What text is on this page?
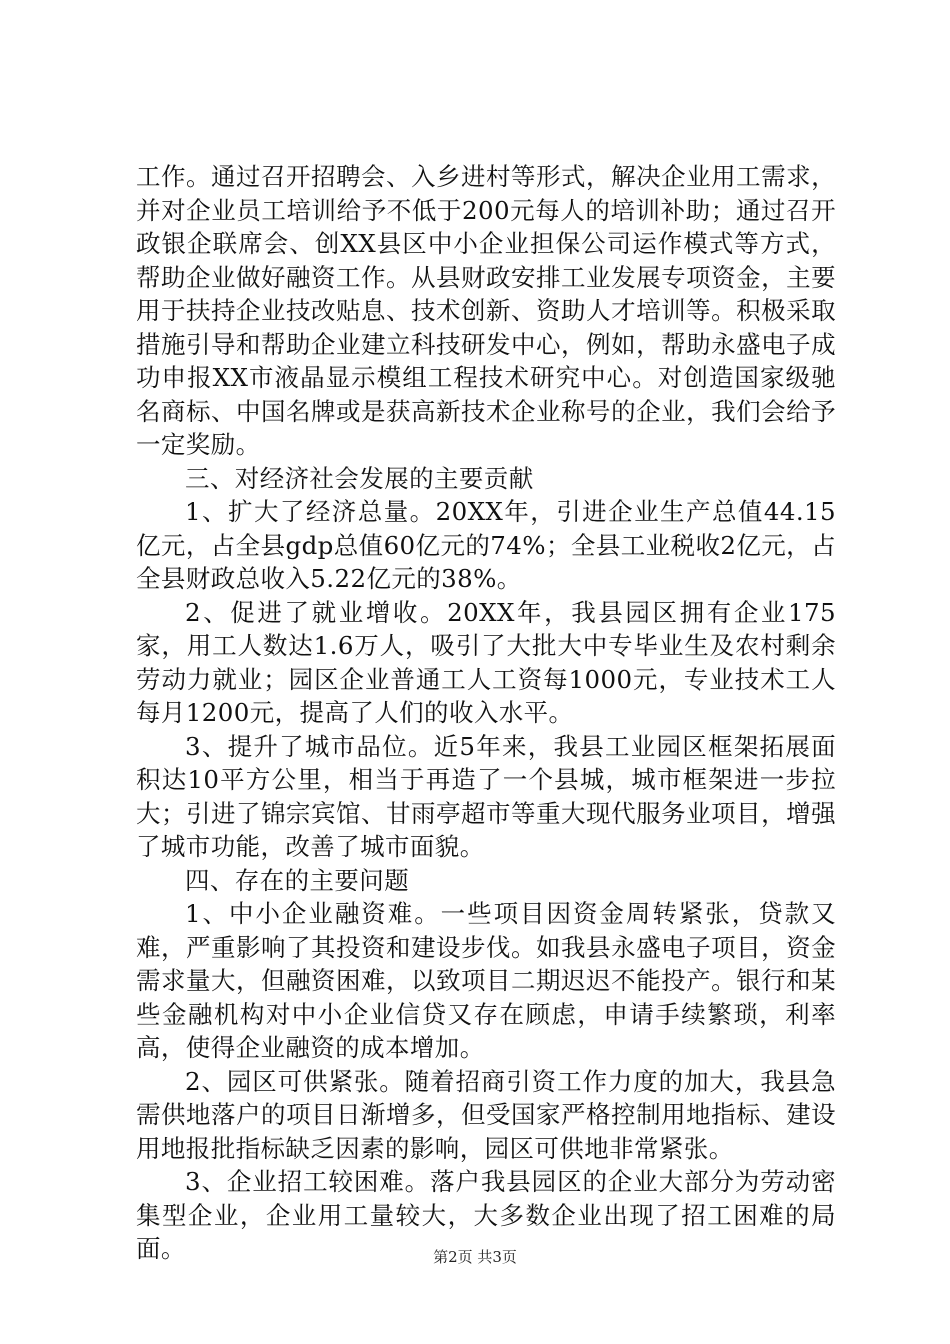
工作。通过召开招聘会、入乡进村等形式，解决企业用工需求，并对企业员工培训给予不低于200元每人的培训补助；通过召开政银企联席会、创XX县区中小企业担保公司运作模式等方式，帮助企业做好融资工作。从县财政安排工业发展专项资金，主要用于扶持企业技改贴息、技术创新、资助人才培训等。积极采取措施引导和帮助企业建立科技研发中心，例如，帮助永盛电子成功申报XX市液晶显示模组工程技术研究中心。对创造国家级驰名商标、中国名牌或是获高新技术企业称号的企业，我们会给予一定奖励。

三、对经济社会发展的主要贡献

1、扩大了经济总量。20XX年，引进企业生产总值44.15亿元，占全县gdp总值60亿元的74%；全县工业税收2亿元，占全县财政总收入5.22亿元的38%。

2、促进了就业增收。20XX年，我县园区拥有企业175家，用工人数达1.6万人，吸引了大批大中专毕业生及农村剩余劳动力就业；园区企业普通工人工资每1000元，专业技术工人每月1200元，提高了人们的收入水平。

3、提升了城市品位。近5年来，我县工业园区框架拓展面积达10平方公里，相当于再造了一个县城，城市框架进一步拉大；引进了锦宗宾馆、甘雨亭超市等重大现代服务业项目，增强了城市功能，改善了城市面貌。

四、存在的主要问题

1、中小企业融资难。一些项目因资金周转紧张，贷款又难，严重影响了其投资和建设步伐。如我县永盛电子项目，资金需求量大，但融资困难，以致项目二期迟迟不能投产。银行和某些金融机构对中小企业信贷又存在顾虑，申请手续繁琐，利率高，使得企业融资的成本增加。

2、园区可供紧张。随着招商引资工作力度的加大，我县急需供地落户的项目日渐增多，但受国家严格控制用地指标、建设用地报批指标缺乏因素的影响，园区可供地非常紧张。

3、企业招工较困难。落户我县园区的企业大部分为劳动密集型企业，企业用工量较大，大多数企业出现了招工困难的局面。	第2页 共3页
